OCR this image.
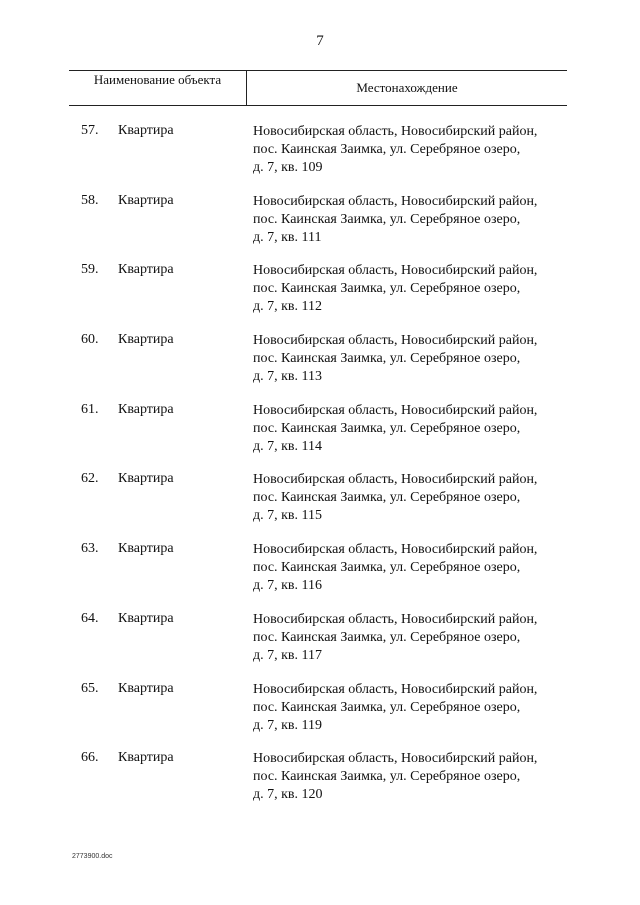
7
Наименование объекта
Местонахождение
57. Квартира	Новосибирская область, Новосибирский район,
пос. Каинская Заимка, ул. Серебряное озеро,
д. 7, кв. 109
58. Квартира	Новосибирская область, Новосибирский район,
пос. Каинская Заимка, ул. Серебряное озеро,
д. 7, кв. 111
59. Квартира	Новосибирская область, Новосибирский район,
пос. Каинская Заимка, ул. Серебряное озеро,
д. 7, кв. 112
60. Квартира	Новосибирская область, Новосибирский район,
пос. Каинская Заимка, ул. Серебряное озеро,
д. 7, кв. 113
61. Квартира	Новосибирская область, Новосибирский район,
пос. Каинская Заимка, ул. Серебряное озеро,
д. 7, кв. 114
62. Квартира	Новосибирская область, Новосибирский район,
пос. Каинская Заимка, ул. Серебряное озеро,
д. 7, кв. 115
63. Квартира	Новосибирская область, Новосибирский район,
пос. Каинская Заимка, ул. Серебряное озеро,
д. 7, кв. 116
64. Квартира	Новосибирская область, Новосибирский район,
пос. Каинская Заимка, ул. Серебряное озеро,
д. 7, кв. 117
65. Квартира	Новосибирская область, Новосибирский район,
пос. Каинская Заимка, ул. Серебряное озеро,
д. 7, кв. 119
66. Квартира	Новосибирская область, Новосибирский район,
пос. Каинская Заимка, ул. Серебряное озеро,
д. 7, кв. 120
2773900.doc
